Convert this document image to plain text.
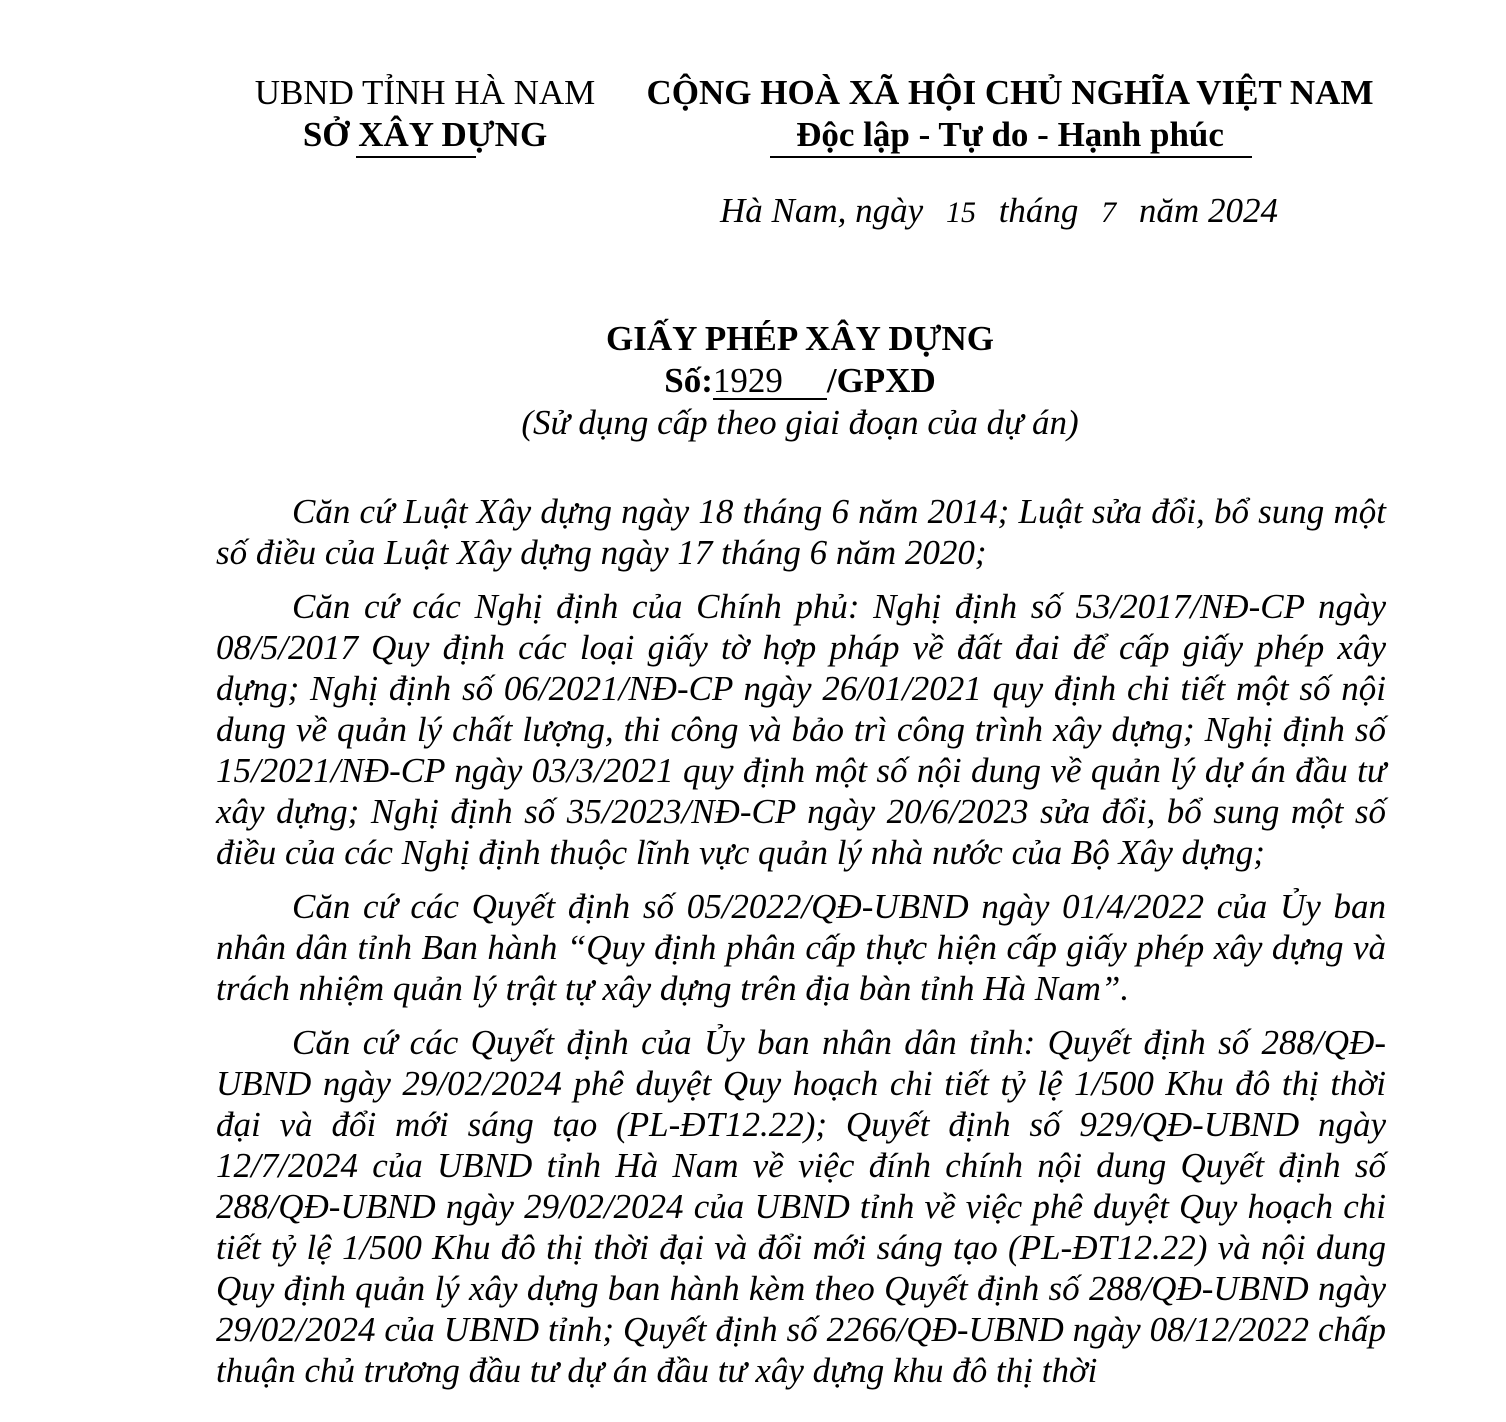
UBND TỈNH HÀ NAM
SỞ XÂY DỰNG
CỘNG HOÀ XÃ HỘI CHỦ NGHĨA VIỆT NAM
Độc lập - Tự do - Hạnh phúc
Hà Nam, ngày 15 tháng 7 năm 2024
GIẤY PHÉP XÂY DỰNG
Số:1929 /GPXD
(Sử dụng cấp theo giai đoạn của dự án)

Căn cứ Luật Xây dựng ngày 18 tháng 6 năm 2014; Luật sửa đổi, bổ sung một số điều của Luật Xây dựng ngày 17 tháng 6 năm 2020;

Căn cứ các Nghị định của Chính phủ: Nghị định số 53/2017/NĐ-CP ngày 08/5/2017 Quy định các loại giấy tờ hợp pháp về đất đai để cấp giấy phép xây dựng; Nghị định số 06/2021/NĐ-CP ngày 26/01/2021 quy định chi tiết một số nội dung về quản lý chất lượng, thi công và bảo trì công trình xây dựng; Nghị định số 15/2021/NĐ-CP ngày 03/3/2021 quy định một số nội dung về quản lý dự án đầu tư xây dựng; Nghị định số 35/2023/NĐ-CP ngày 20/6/2023 sửa đổi, bổ sung một số điều của các Nghị định thuộc lĩnh vực quản lý nhà nước của Bộ Xây dựng;

Căn cứ các Quyết định số 05/2022/QĐ-UBND ngày 01/4/2022 của Ủy ban nhân dân tỉnh Ban hành “Quy định phân cấp thực hiện cấp giấy phép xây dựng và trách nhiệm quản lý trật tự xây dựng trên địa bàn tỉnh Hà Nam”.

Căn cứ các Quyết định của Ủy ban nhân dân tỉnh: Quyết định số 288/QĐ-UBND ngày 29/02/2024 phê duyệt Quy hoạch chi tiết tỷ lệ 1/500 Khu đô thị thời đại và đổi mới sáng tạo (PL-ĐT12.22); Quyết định số 929/QĐ-UBND ngày 12/7/2024 của UBND tỉnh Hà Nam về việc đính chính nội dung Quyết định số 288/QĐ-UBND ngày 29/02/2024 của UBND tỉnh về việc phê duyệt Quy hoạch chi tiết tỷ lệ 1/500 Khu đô thị thời đại và đổi mới sáng tạo (PL-ĐT12.22) và nội dung Quy định quản lý xây dựng ban hành kèm theo Quyết định số 288/QĐ-UBND ngày 29/02/2024 của UBND tỉnh; Quyết định số 2266/QĐ-UBND ngày 08/12/2022 chấp thuận chủ trương đầu tư dự án đầu tư xây dựng khu đô thị thời
